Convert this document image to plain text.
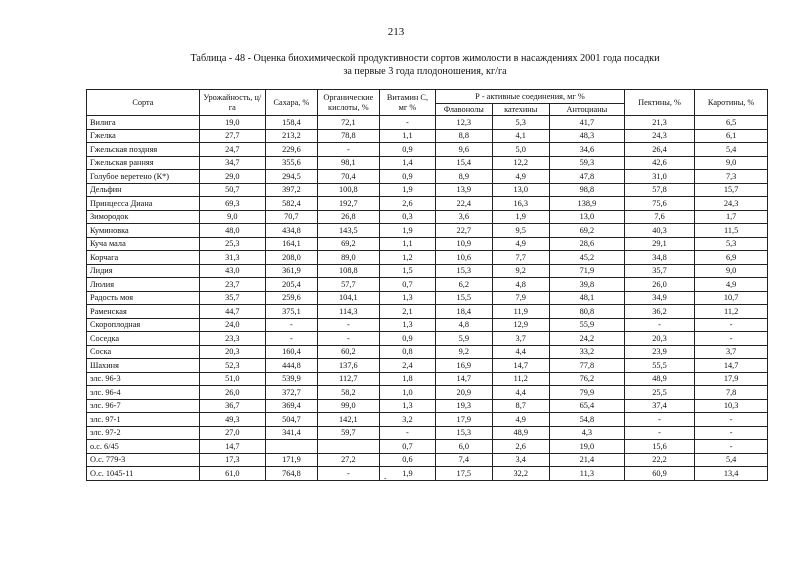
213
Таблица - 48 - Оценка биохимической продуктивности сортов жимолости в насаждениях 2001 года посадки
за первые 3 года плодоношения, кг/га
Сорта	Урожайность, ц/га	Сахара, %	Органические кислоты, %	Витамин С, мг %	Р - активные соединения, мг %			Пектины, %	Каротины, %
					Флавонолы	катехины	Антоцианы		
Вилига	19,0	158,4	72,1	-	12,3	5,3	41,7	21,3	6,5
Гжелка	27,7	213,2	78,8	1,1	8,8	4,1	48,3	24,3	6,1
Гжельская поздняя	24,7	229,6	-	0,9	9,6	5,0	34,6	26,4	5,4
Гжельская ранняя	34,7	355,6	98,1	1,4	15,4	12,2	59,3	42,6	9,0
Голубое веретено (К*)	29,0	294,5	70,4	0,9	8,9	4,9	47,8	31,0	7,3
Дельфин	50,7	397,2	100,8	1,9	13,9	13,0	98,8	57,8	15,7
Принцесса Диана	69,3	582,4	192,7	2,6	22,4	16,3	138,9	75,6	24,3
Зимородок	9,0	70,7	26,8	0,3	3,6	1,9	13,0	7,6	1,7
Куминовка	48,0	434,8	143,5	1,9	22,7	9,5	69,2	40,3	11,5
Куча мала	25,3	164,1	69,2	1,1	10,9	4,9	28,6	29,1	5,3
Корчага	31,3	208,0	89,0	1,2	10,6	7,7	45,2	34,8	6,9
Лидия	43,0	361,9	108,8	1,5	15,3	9,2	71,9	35,7	9,0
Люлия	23,7	205,4	57,7	0,7	6,2	4,8	39,8	26,0	4,9
Радость моя	35,7	259,6	104,1	1,3	15,5	7,9	48,1	34,9	10,7
Раменская	44,7	375,1	114,3	2,1	18,4	11,9	80,8	36,2	11,2
Скороплодная	24,0	-	-	1,3	4,8	12,9	55,9	-	-
Соседка	23,3	-	-	0,9	5,9	3,7	24,2	20,3	-
Соска	20,3	160,4	60,2	0,8	9,2	4,4	33,2	23,9	3,7
Шахиня	52,3	444,8	137,6	2,4	16,9	14,7	77,8	55,5	14,7
элс. 96-3	51,0	539,9	112,7	1,8	14,7	11,2	76,2	48,9	17,9
элс. 96-4	26,0	372,7	58,2	1,0	20,9	4,4	79,9	25,5	7,8
элс. 96-7	36,7	369,4	99,0	1,3	19,3	8,7	65,4	37,4	10,3
элс. 97-1	49,3	504,7	142,1	3,2	17,9	4,9	54,8	-	-
элс. 97-2	27,0	341,4	59,7	-	15,3	48,9	4,3	-	-
о.с. 6/45	14,7			0,7	6,0	2,6	19,0	15,6	-
О.с. 779-3	17,3	171,9	27,2	0,6	7,4	3,4	21,4	22,2	5,4
О.с. 1045-11	61,0	764,8	-	1,9	17,5	32,2	11,3	60,9	13,4
-
